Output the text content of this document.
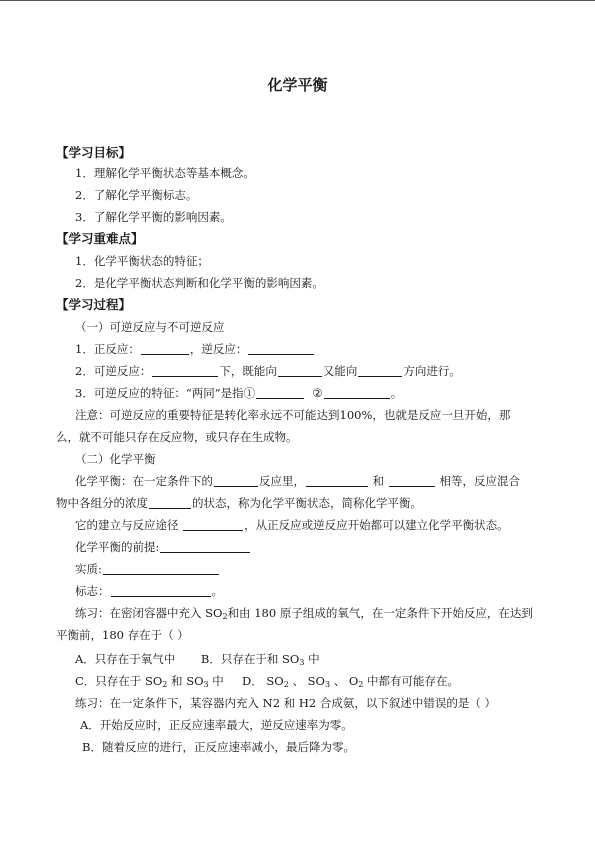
化学平衡
【学习目标】
1．理解化学平衡状态等基本概念。
2．了解化学平衡标志。
3．了解化学平衡的影响因素。
【学习重难点】
1．化学平衡状态的特征；
2．是化学平衡状态判断和化学平衡的影响因素。
【学习过程】
（一）可逆反应与不可逆反应
1．正反应：	，逆反应：
2．可逆反应：	下，既能向	又能向	方向进行。
3．可逆反应的特征：“两同”是指①	②	。
注意：可逆反应的重要特征是转化率永远不可能达到100%，也就是反应一旦开始，那
么，就不可能只存在反应物，或只存在生成物。
（二）化学平衡
化学平衡：在一定条件下的	反应里，	和	相等，反应混合
物中各组分的浓度	的状态，称为化学平衡状态，简称化学平衡。
它的建立与反应途径	，从正反应或逆反应开始都可以建立化学平衡状态。
化学平衡的前提:
实质:
标志：	。
练习：在密闭容器中充入 $SO_2$和由 180 原子组成的氧气，在一定条件下开始反应，在达到
平衡前，180 存在于（ ）
A．只存在于氧气中 B．只存在于和 $SO_3$ 中
C．只存在于 $SO_2$ 和 $SO_3$ 中 D． $SO_2$ 、 $SO_3$ 、 $O_2$ 中都有可能存在。
练习：在一定条件下，某容器内充入 N2 和 H2 合成氨，以下叙述中错误的是（ ）
A．开始反应时，正反应速率最大，逆反应速率为零。
B．随着反应的进行，正反应速率减小，最后降为零。
